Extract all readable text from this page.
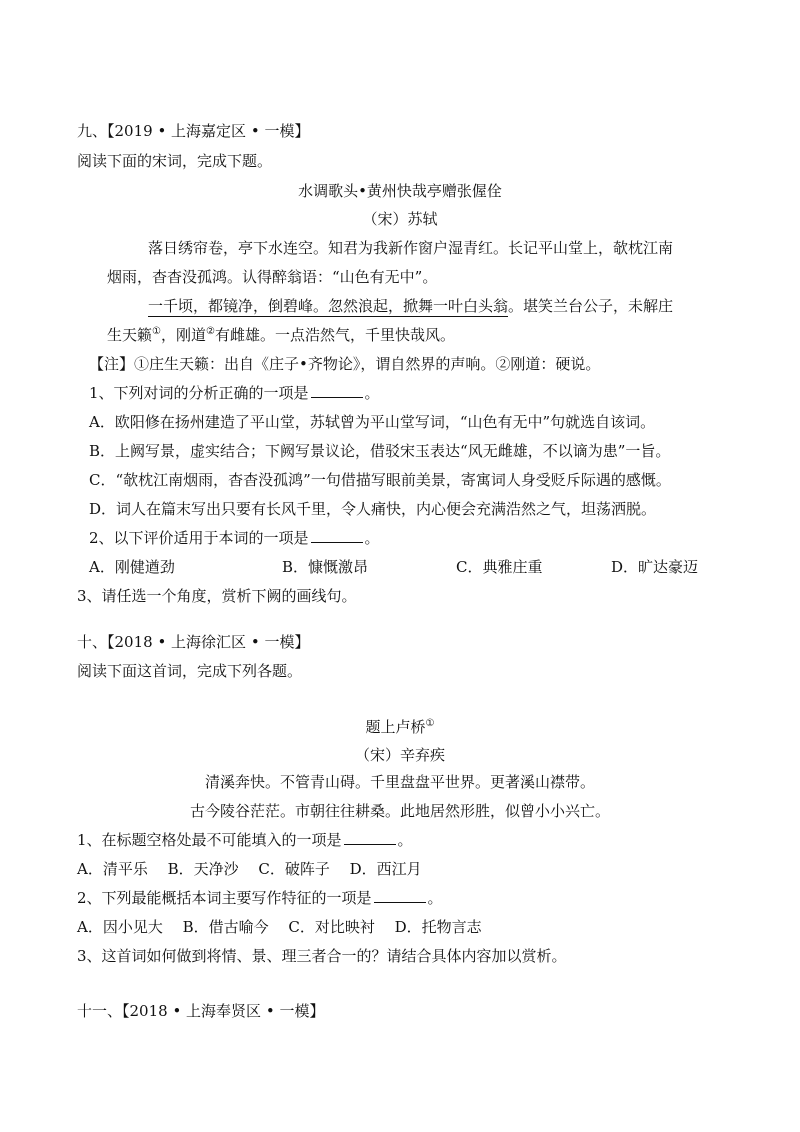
九、【2019 • 上海嘉定区 • 一模】
阅读下面的宋词，完成下题。
水调歌头•黄州快哉亭赠张偓佺
（宋）苏轼
落日绣帘卷，亭下水连空。知君为我新作窗户湿青红。长记平山堂上，欹枕江南
烟雨，杳杳没孤鸿。认得醉翁语：“山色有无中”。
一千顷，都镜净，倒碧峰。忽然浪起，掀舞一叶白头翁。堪笑兰台公子，未解庄
生天籁①，刚道②有雌雄。一点浩然气，千里快哉风。
【注】①庄生天籁：出自《庄子•齐物论》，谓自然界的声响。②刚道：硬说。
1、下列对词的分析正确的一项是	。
A．欧阳修在扬州建造了平山堂，苏轼曾为平山堂写词，“山色有无中”句就选自该词。
B．上阙写景，虚实结合；下阙写景议论，借驳宋玉表达“风无雌雄，不以谪为患”一旨。
C．“欹枕江南烟雨，杳杳没孤鸿”一句借描写眼前美景，寄寓词人身受贬斥际遇的感慨。
D．词人在篇末写出只要有长风千里，令人痛快，内心便会充满浩然之气，坦荡洒脱。
2、以下评价适用于本词的一项是	。
A．刚健遒劲	B．慷慨激昂	C．典雅庄重	D．旷达豪迈
3、请任选一个角度，赏析下阙的画线句。
十、【2018 • 上海徐汇区 • 一模】
阅读下面这首词，完成下列各题。
题上卢桥①
（宋）辛弃疾
清溪奔快。不管青山碍。千里盘盘平世界。更著溪山襟带。
古今陵谷茫茫。市朝往往耕桑。此地居然形胜，似曾小小兴亡。
1、在标题空格处最不可能填入的一项是	。
A．清平乐　 B．天净沙　 C．破阵子　 D．西江月
2、下列最能概括本词主要写作特征的一项是	。
A．因小见大　 B．借古喻今　 C．对比映衬　 D．托物言志
3、这首词如何做到将情、景、理三者合一的？请结合具体内容加以赏析。
十一、【2018 • 上海奉贤区 • 一模】
